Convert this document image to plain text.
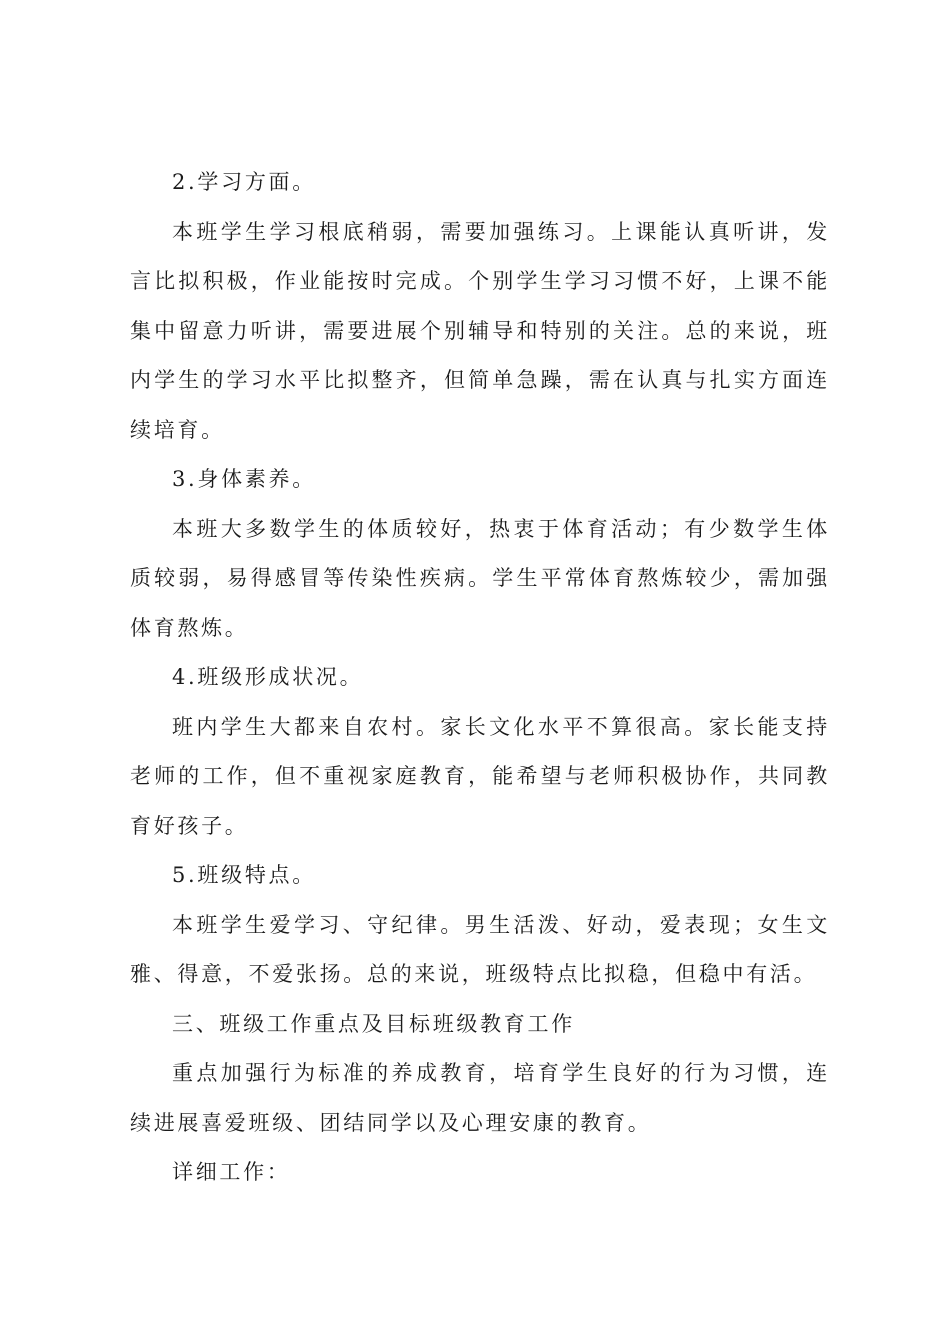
2.学习方面。

本班学生学习根底稍弱，需要加强练习。上课能认真听讲，发言比拟积极，作业能按时完成。个别学生学习习惯不好，上课不能集中留意力听讲，需要进展个别辅导和特别的关注。总的来说，班内学生的学习水平比拟整齐，但简单急躁，需在认真与扎实方面连续培育。

3.身体素养。

本班大多数学生的体质较好，热衷于体育活动；有少数学生体质较弱，易得感冒等传染性疾病。学生平常体育熬炼较少，需加强体育熬炼。

4.班级形成状况。

班内学生大都来自农村。家长文化水平不算很高。家长能支持老师的工作，但不重视家庭教育，能希望与老师积极协作，共同教育好孩子。

5.班级特点。

本班学生爱学习、守纪律。男生活泼、好动，爱表现；女生文雅、得意，不爱张扬。总的来说，班级特点比拟稳，但稳中有活。

三、班级工作重点及目标班级教育工作

重点加强行为标准的养成教育，培育学生良好的行为习惯，连续进展喜爱班级、团结同学以及心理安康的教育。

详细工作：
